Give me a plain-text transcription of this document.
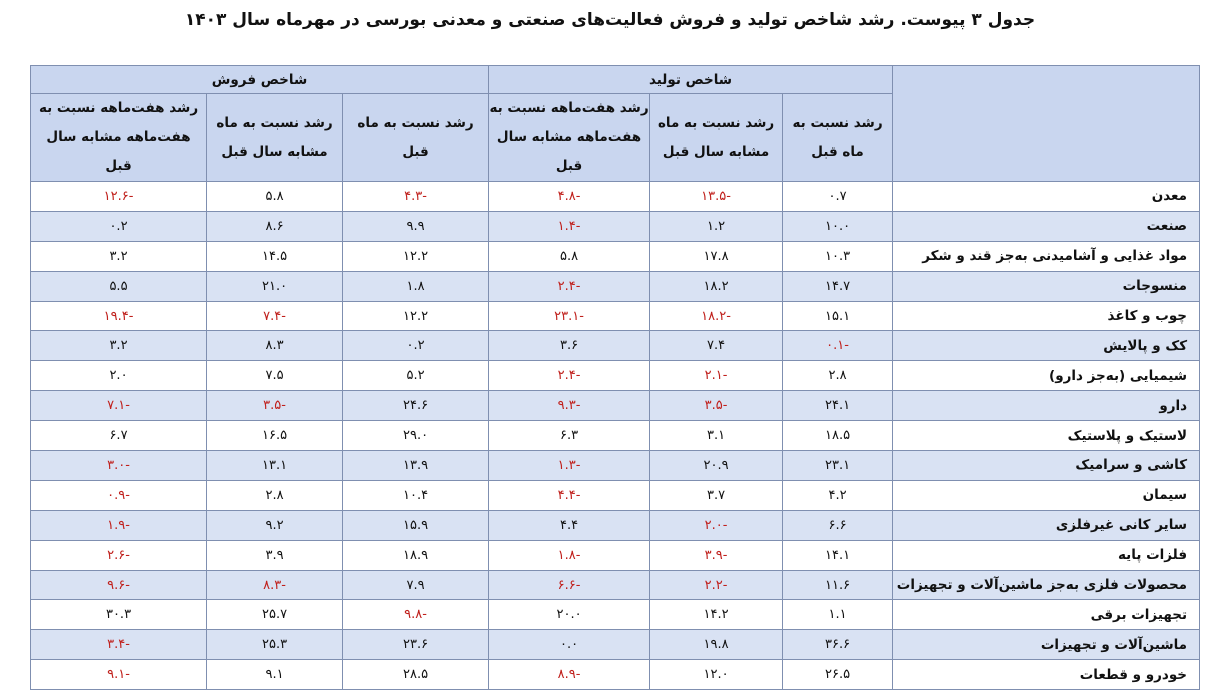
جدول ۳ پیوست. رشد شاخص تولید و فروش فعالیت‌های صنعتی و معدنی بورسی در مهرماه سال ۱۴۰۳
	شاخص تولید			شاخص فروش		
	رشد نسبت به ماه قبل	رشد نسبت به ماه مشابه سال قبل	رشد هفت‌ماهه نسبت به هفت‌ماهه مشابه سال قبل	رشد نسبت به ماه قبل	رشد نسبت به ماه مشابه سال قبل	رشد هفت‌ماهه نسبت به هفت‌ماهه مشابه سال قبل
معدن	۰.۷	-۱۳.۵	-۴.۸	-۴.۳	۵.۸	-۱۲.۶
صنعت	۱۰.۰	۱.۲	-۱.۴	۹.۹	۸.۶	۰.۲
مواد غذایی و آشامیدنی به‌جز قند و شکر	۱۰.۳	۱۷.۸	۵.۸	۱۲.۲	۱۴.۵	۳.۲
منسوجات	۱۴.۷	۱۸.۲	-۲.۴	۱.۸	۲۱.۰	۵.۵
چوب و کاغذ	۱۵.۱	-۱۸.۲	-۲۳.۱	۱۲.۲	-۷.۴	-۱۹.۴
کک و پالایش	-۰.۱	۷.۴	۳.۶	۰.۲	۸.۳	۳.۲
شیمیایی (به‌جز دارو)	۲.۸	-۲.۱	-۲.۴	۵.۲	۷.۵	۲.۰
دارو	۲۴.۱	-۳.۵	-۹.۳	۲۴.۶	-۳.۵	-۷.۱
لاستیک و پلاستیک	۱۸.۵	۳.۱	۶.۳	۲۹.۰	۱۶.۵	۶.۷
کاشی و سرامیک	۲۳.۱	۲۰.۹	-۱.۳	۱۳.۹	۱۳.۱	-۳.۰
سیمان	۴.۲	۳.۷	-۴.۴	۱۰.۴	۲.۸	-۰.۹
سایر کانی غیرفلزی	۶.۶	-۲.۰	۴.۴	۱۵.۹	۹.۲	-۱.۹
فلزات پایه	۱۴.۱	-۳.۹	-۱.۸	۱۸.۹	۳.۹	-۲.۶
محصولات فلزی به‌جز ماشین‌آلات و تجهیزات	۱۱.۶	-۲.۲	-۶.۶	۷.۹	-۸.۳	-۹.۶
تجهیزات برقی	۱.۱	۱۴.۲	۲۰.۰	-۹.۸	۲۵.۷	۳۰.۳
ماشین‌آلات و تجهیزات	۳۶.۶	۱۹.۸	۰.۰	۲۳.۶	۲۵.۳	-۳.۴
خودرو و قطعات	۲۶.۵	۱۲.۰	-۸.۹	۲۸.۵	۹.۱	-۹.۱
